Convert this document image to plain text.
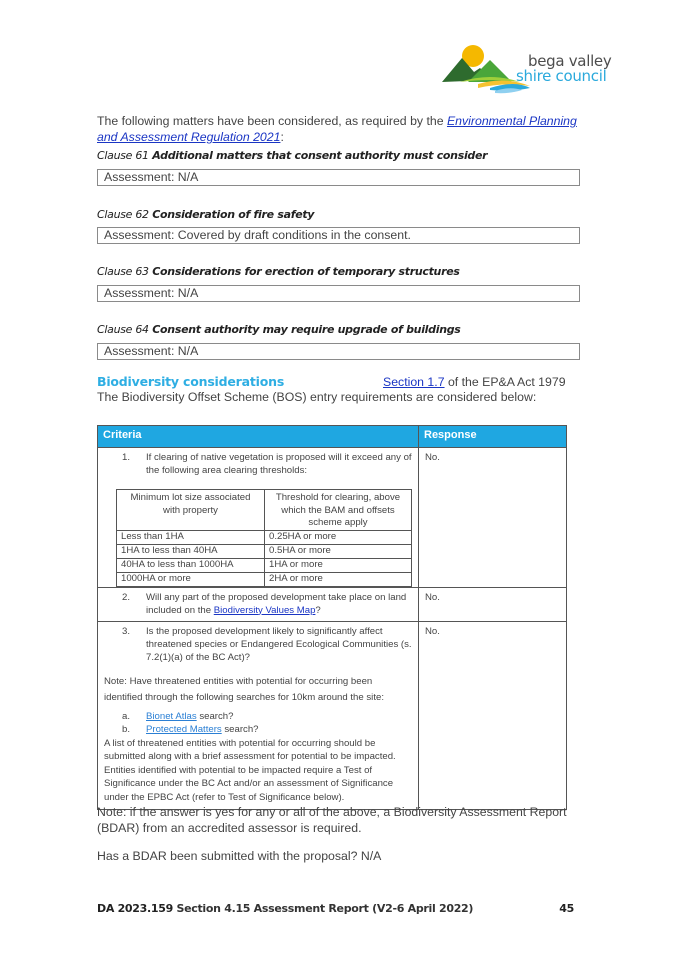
bega valley
shire council
The following matters have been considered, as required by the Environmental Planning and Assessment Regulation 2021:
Clause 61 Additional matters that consent authority must consider
Assessment: N/A
Clause 62 Consideration of fire safety
Assessment: Covered by draft conditions in the consent.
Clause 63 Considerations for erection of temporary structures
Assessment: N/A
Clause 64 Consent authority may require upgrade of buildings
Assessment: N/A
Biodiversity considerations	Section 1.7 of the EP&A Act 1979
The Biodiversity Offset Scheme (BOS) entry requirements are considered below:
Criteria	Response

1.	If clearing of native vegetation is proposed will it exceed any of the following area clearing thresholds:
Minimum lot size associated with property	Threshold for clearing, above which the BAM and offsets scheme apply
Less than 1HA	0.25HA or more
1HA to less than 40HA	0.5HA or more
40HA to less than 1000HA	1HA or more
1000HA or more	2HA or more
	No.

2.	Will any part of the proposed development take place on land included on the Biodiversity Values Map?
	No.

3.	Is the proposed development likely to significantly affect threatened species or Endangered Ecological Communities (s. 7.2(1)(a) of the BC Act)?
Note: Have threatened entities with potential for occurring been identified through the following searches for 10km around the site:
a.	Bionet Atlas search?
b.	Protected Matters search?
A list of threatened entities with potential for occurring should be submitted along with a brief assessment for potential to be impacted. Entities identified with potential to be impacted require a Test of Significance under the BC Act and/or an assessment of Significance under the EPBC Act (refer to Test of Significance below).
	No.
Note: if the answer is yes for any or all of the above, a Biodiversity Assessment Report (BDAR) from an accredited assessor is required.
Has a BDAR been submitted with the proposal? N/A
DA 2023.159 Section 4.15 Assessment Report (V2-6 April 2022)	45
